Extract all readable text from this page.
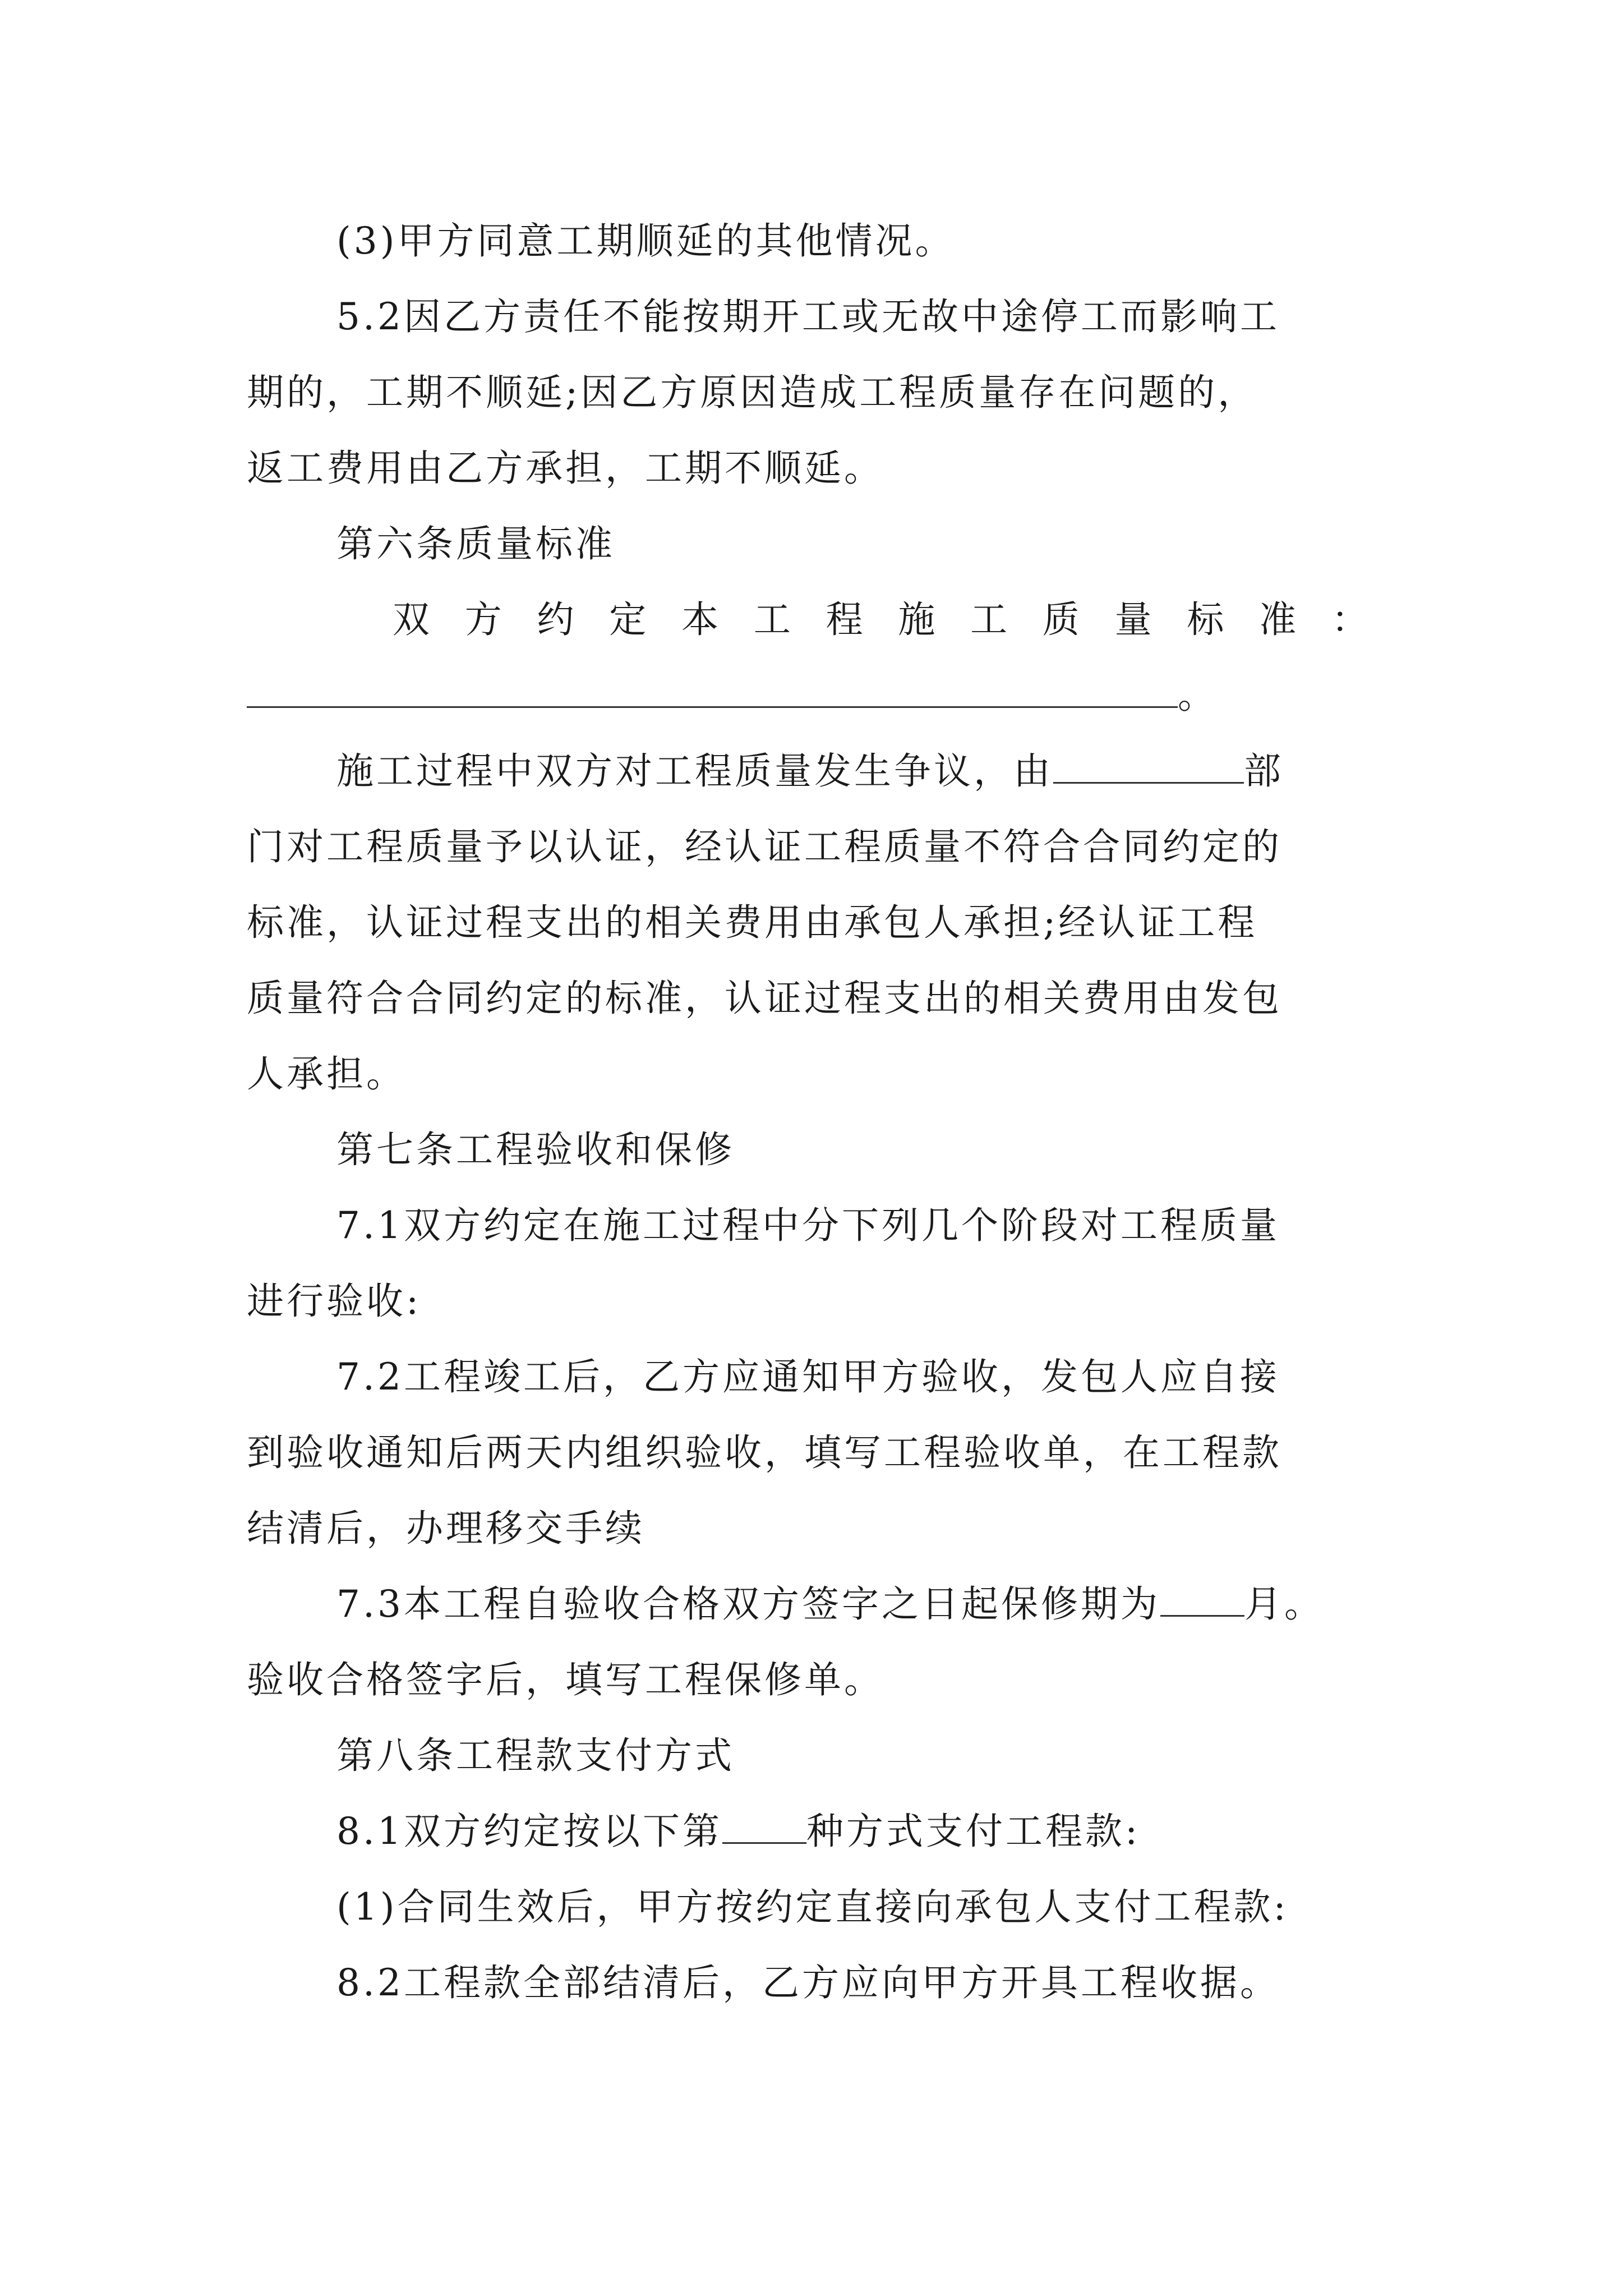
(3)甲方同意工期顺延的其他情况。
5.2因乙方责任不能按期开工或无故中途停工而影响工
期的，工期不顺延;因乙方原因造成工程质量存在问题的，
返工费用由乙方承担，工期不顺延。
第六条质量标准
双 方 约 定 本 工 程 施 工 质 量 标 准 ：
。
施工过程中双方对工程质量发生争议，由	部
门对工程质量予以认证，经认证工程质量不符合合同约定的
标准，认证过程支出的相关费用由承包人承担;经认证工程
质量符合合同约定的标准，认证过程支出的相关费用由发包
人承担。
第七条工程验收和保修
7.1双方约定在施工过程中分下列几个阶段对工程质量
进行验收:
7.2工程竣工后，乙方应通知甲方验收，发包人应自接
到验收通知后两天内组织验收，填写工程验收单，在工程款
结清后，办理移交手续
7.3本工程自验收合格双方签字之日起保修期为 月。
验收合格签字后，填写工程保修单。
第八条工程款支付方式
8.1双方约定按以下第 种方式支付工程款:
(1)合同生效后，甲方按约定直接向承包人支付工程款:
8.2工程款全部结清后，乙方应向甲方开具工程收据。
